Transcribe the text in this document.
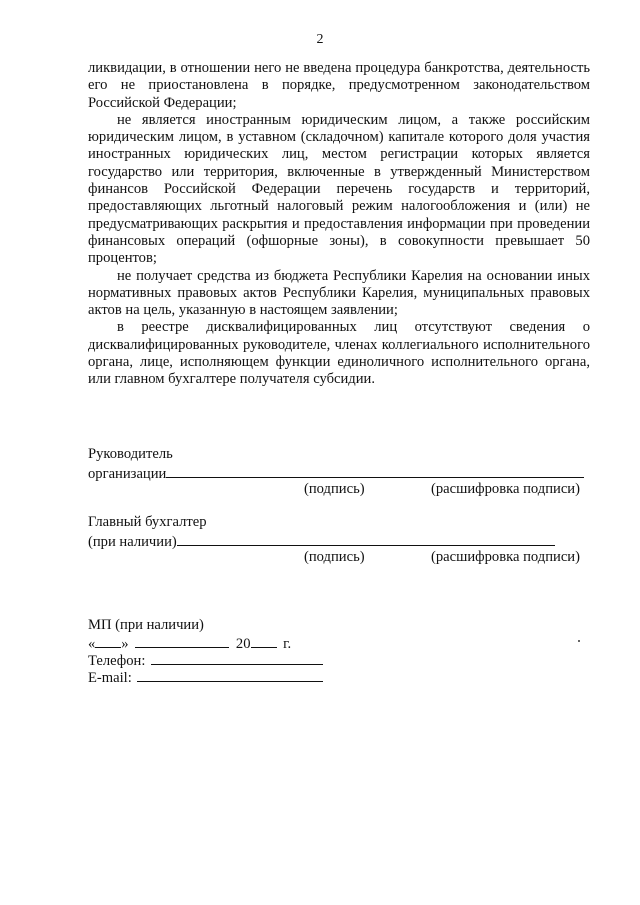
2

ликвидации, в отношении него не введена процедура банкротства, деятельность его не приостановлена в порядке, предусмотренном законодательством Российской Федерации;

не является иностранным юридическим лицом, а также российским юридическим лицом, в уставном (складочном) капитале которого доля участия иностранных юридических лиц, местом регистрации которых является государство или территория, включенные в утвержденный Министерством финансов Российской Федерации перечень государств и территорий, предоставляющих льготный налоговый режим налогообложения и (или) не предусматривающих раскрытия и предоставления информации при проведении финансовых операций (офшорные зоны), в совокупности превышает 50 процентов;

не получает средства из бюджета Республики Карелия на основании иных нормативных правовых актов Республики Карелия, муниципальных правовых актов на цель, указанную в настоящем заявлении;

в реестре дисквалифицированных лиц отсутствуют сведения о дисквалифицированных руководителе, членах коллегиального исполнительного органа, лице, исполняющем функции единоличного исполнительного органа, или главном бухгалтере получателя субсидии.

Руководитель
организации
(подпись)	(расшифровка подписи)
Главный бухгалтер
(при наличии)
(подпись)	(расшифровка подписи)
МП (при наличии)
« »	20 г.
Телефон:
E-mail:
